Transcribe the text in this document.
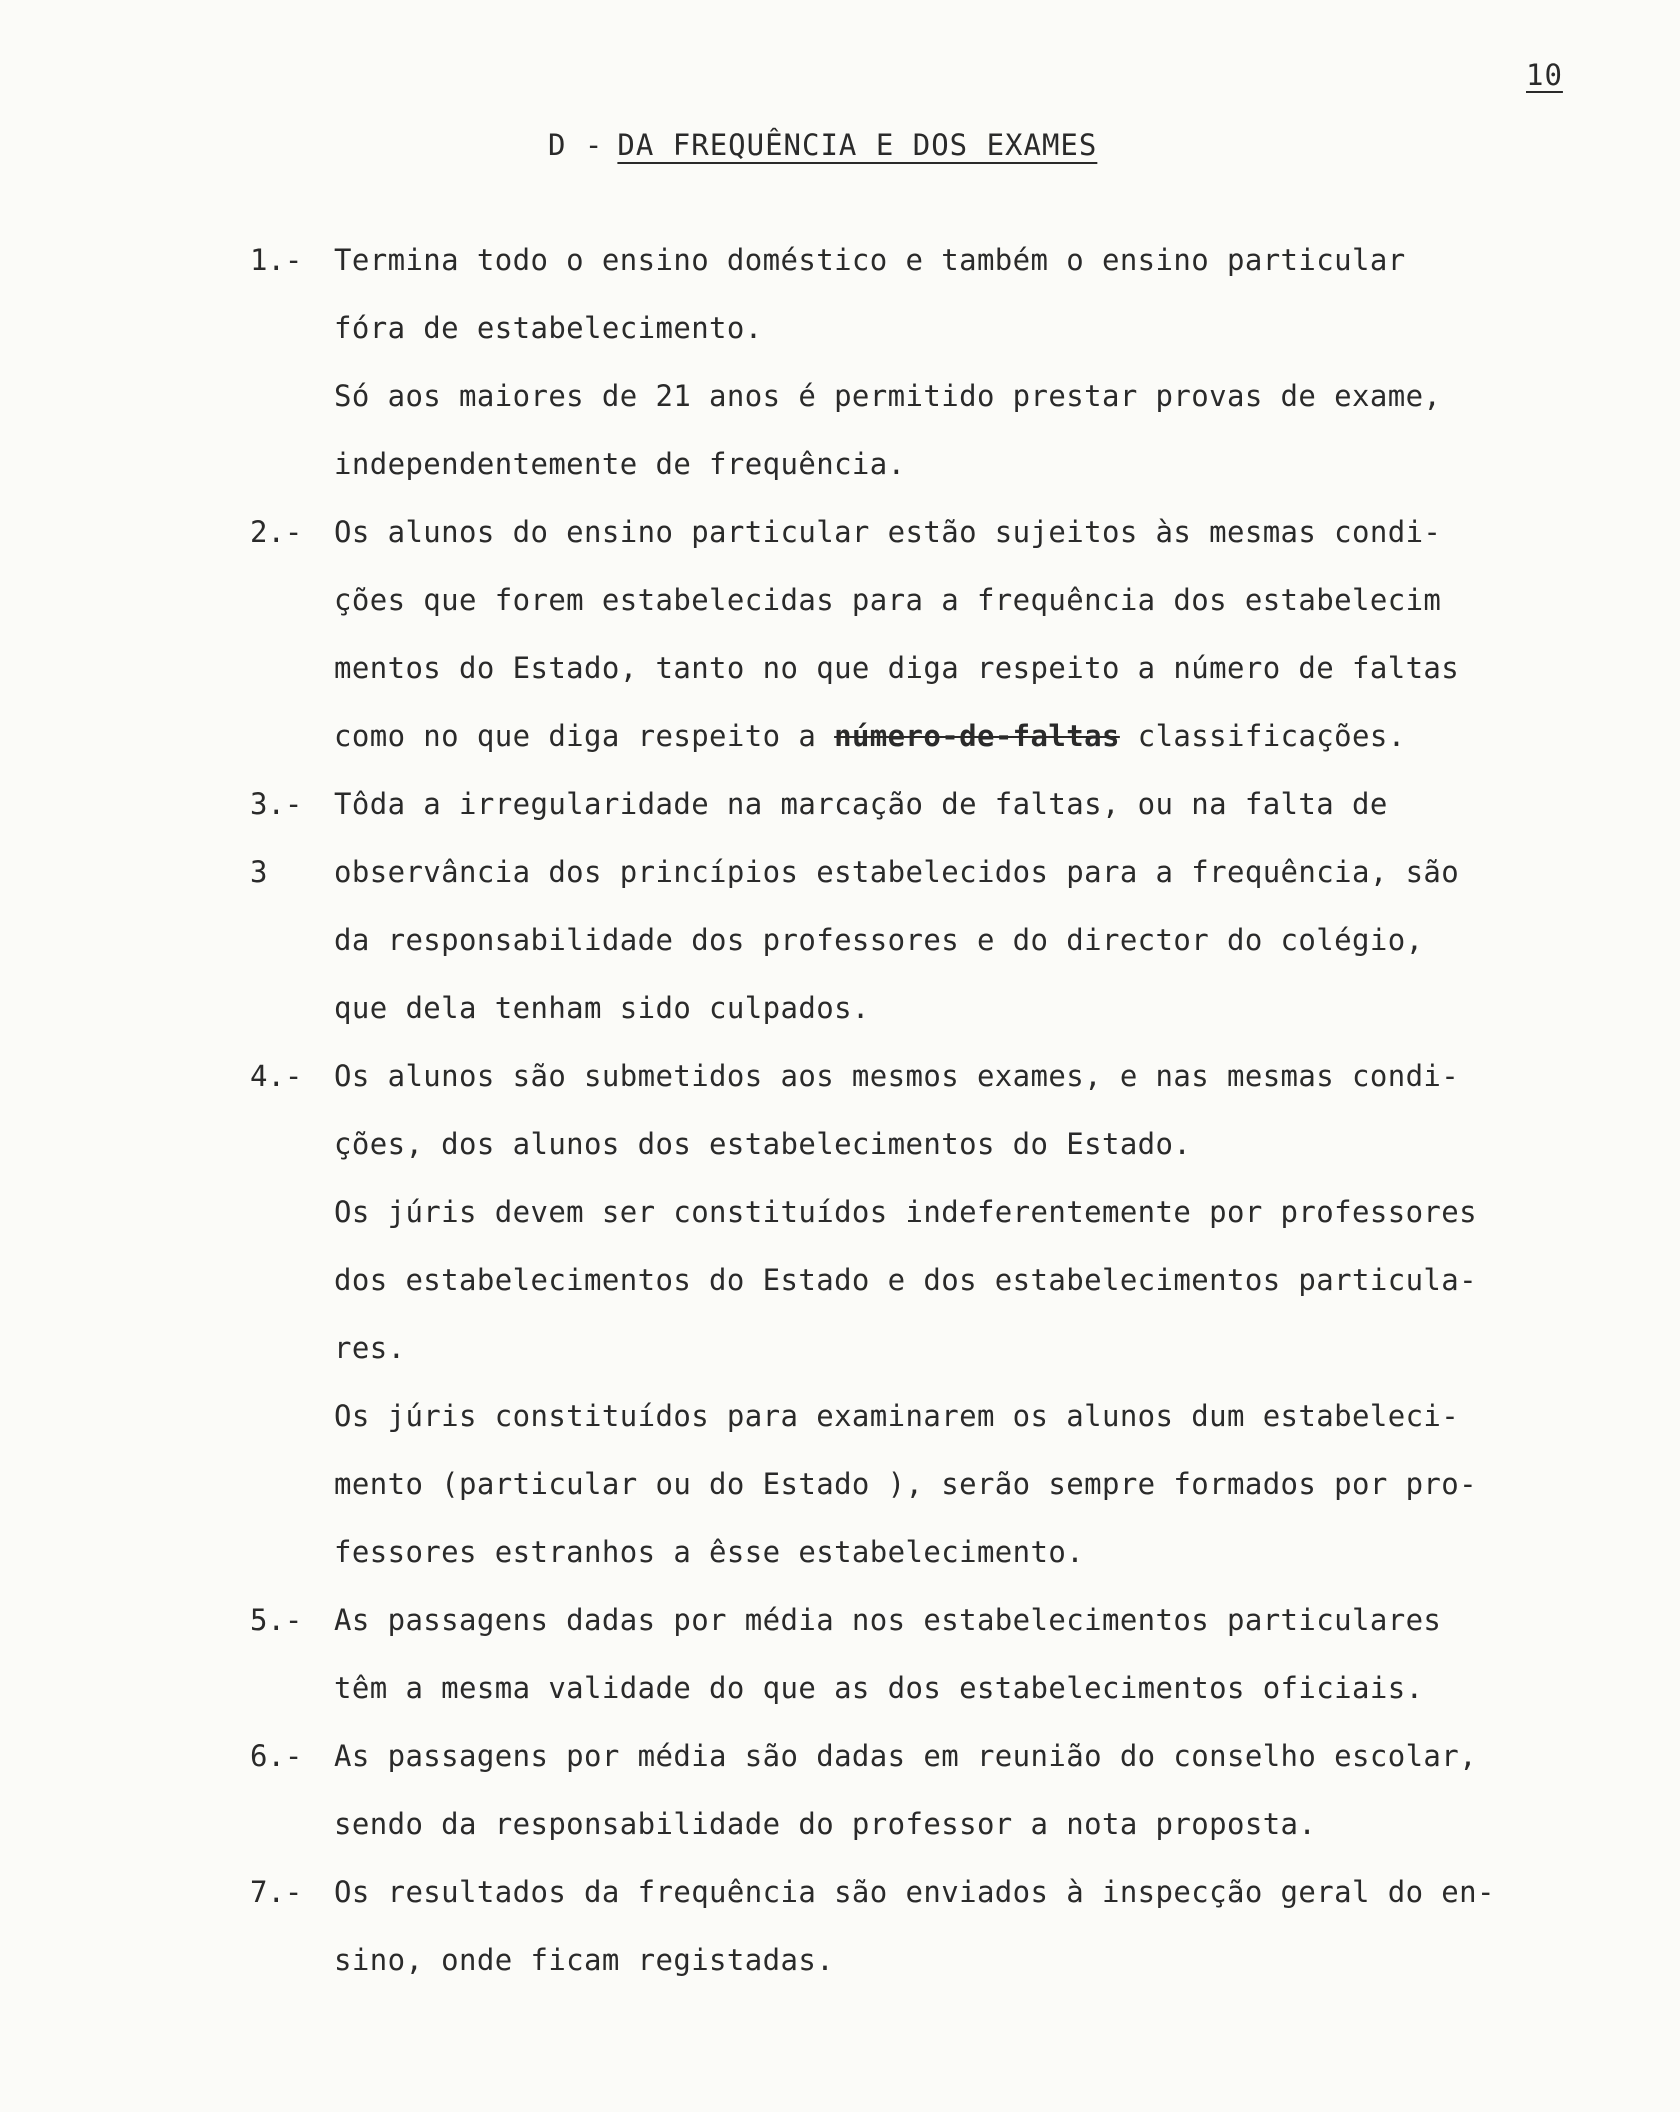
10
D - DA FREQUÊNCIA E DOS EXAMES
1.-	Termina todo o ensino doméstico e também o ensino particular
fóra de estabelecimento.
Só aos maiores de 21 anos é permitido prestar provas de exame,
independentemente de frequência.
2.-	Os alunos do ensino particular estão sujeitos às mesmas condi-
ções que forem estabelecidas para a frequência dos estabelecim
mentos do Estado, tanto no que diga respeito a número de faltas
como no que diga respeito a número-de-faltas classificações.
3.-
3
Tôda a irregularidade na marcação de faltas, ou na falta de
observância dos princípios estabelecidos para a frequência, são
da responsabilidade dos professores e do director do colégio,
que dela tenham sido culpados.
4.-	Os alunos são submetidos aos mesmos exames, e nas mesmas condi-
ções, dos alunos dos estabelecimentos do Estado.
Os júris devem ser constituídos indeferentemente por professores
dos estabelecimentos do Estado e dos estabelecimentos particula-
res.
Os júris constituídos para examinarem os alunos dum estabeleci-
mento (particular ou do Estado ), serão sempre formados por pro-
fessores estranhos a êsse estabelecimento.
5.-	As passagens dadas por média nos estabelecimentos particulares
têm a mesma validade do que as dos estabelecimentos oficiais.
6.-	As passagens por média são dadas em reunião do conselho escolar,
sendo da responsabilidade do professor a nota proposta.
7.-	Os resultados da frequência são enviados à inspecção geral do en-
sino, onde ficam registadas.
